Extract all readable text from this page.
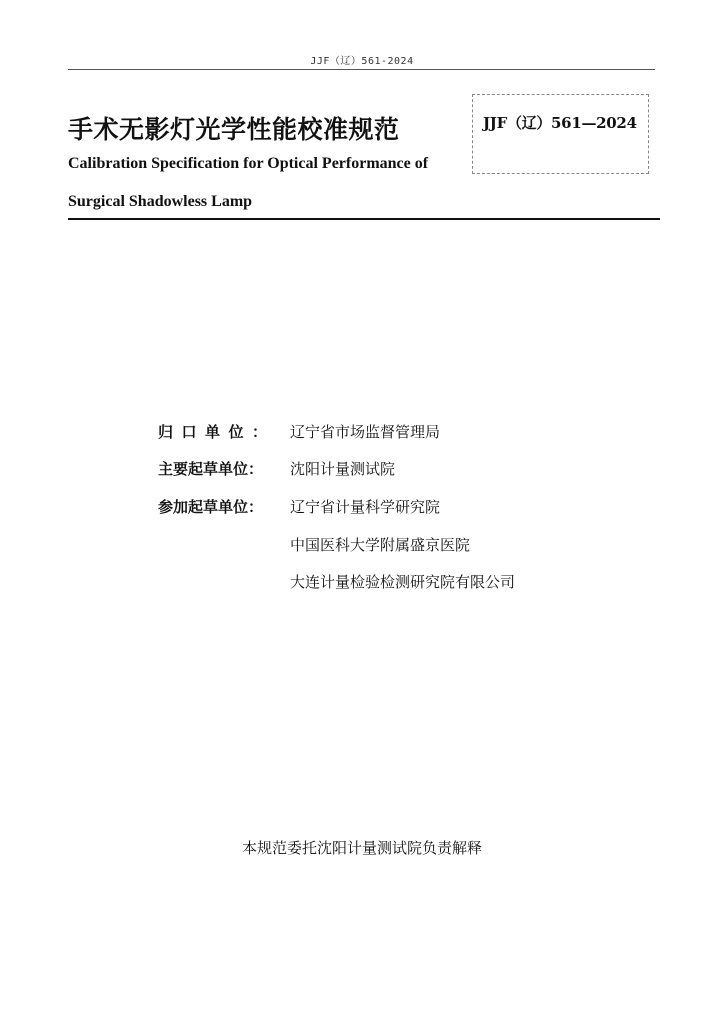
JJF（辽）561-2024
JJF（辽）561—2024
手术无影灯光学性能校准规范
Calibration Specification for Optical Performance of
Surgical Shadowless Lamp
归口单位： 辽宁省市场监督管理局
主要起草单位： 沈阳计量测试院
参加起草单位： 辽宁省计量科学研究院
中国医科大学附属盛京医院
大连计量检验检测研究院有限公司
本规范委托沈阳计量测试院负责解释
